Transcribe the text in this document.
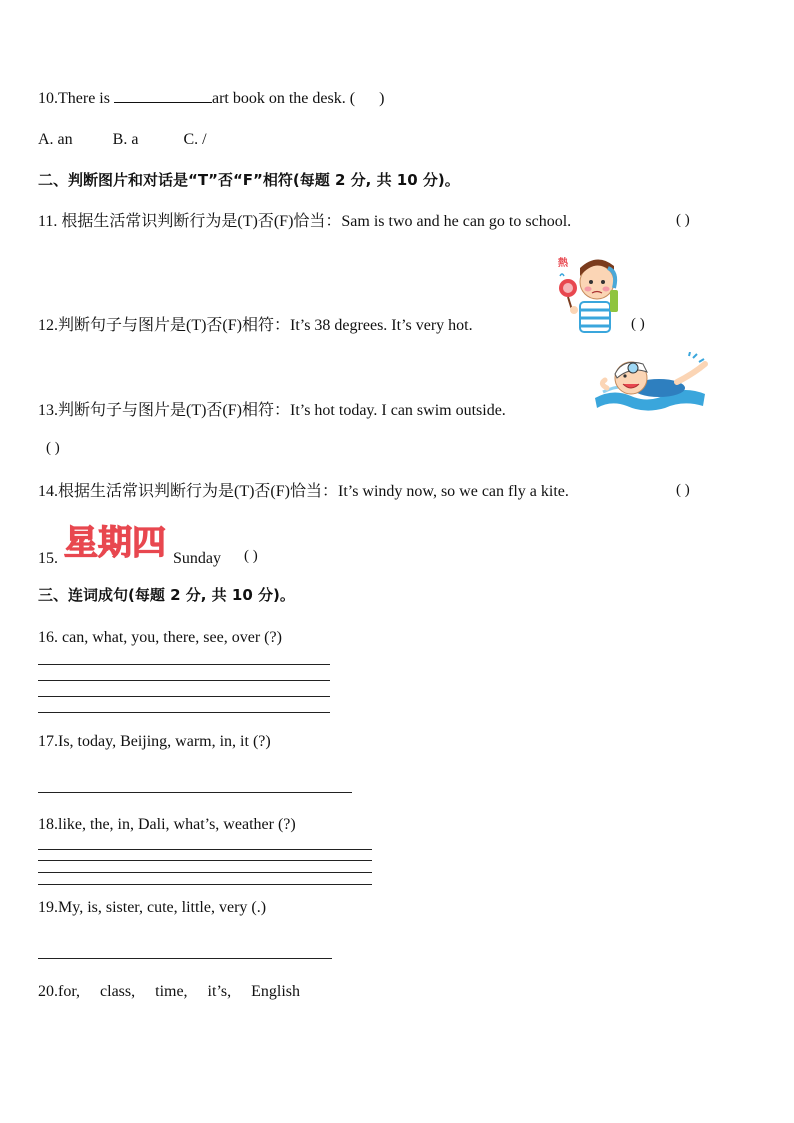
10.There is	art book on the desk. ( )
A. an	B. a	C. /
二、判断图片和对话是“T”否“F”相符(每题 2 分, 共 10 分)。
11. 根据生活常识判断行为是(T)否(F)恰当：Sam is two and he can go to school.	( )
12.判断句子与图片是(T)否(F)相符：It’s 38 degrees. It’s very hot.	( )
熱
13.判断句子与图片是(T)否(F)相符：It’s hot today. I can swim outside.
( )
14.根据生活常识判断行为是(T)否(F)恰当：It’s windy now, so we can fly a kite.	( )
15. 星期四 Sunday ( )
三、连词成句(每题 2 分, 共 10 分)。
16. can, what, you, there, see, over (?)
17.Is, today, Beijing, warm, in, it (?)
18.like, the, in, Dali, what’s, weather (?)
19.My, is, sister, cute, little, very (.)
20.for,     class,     time,     it’s,     English
